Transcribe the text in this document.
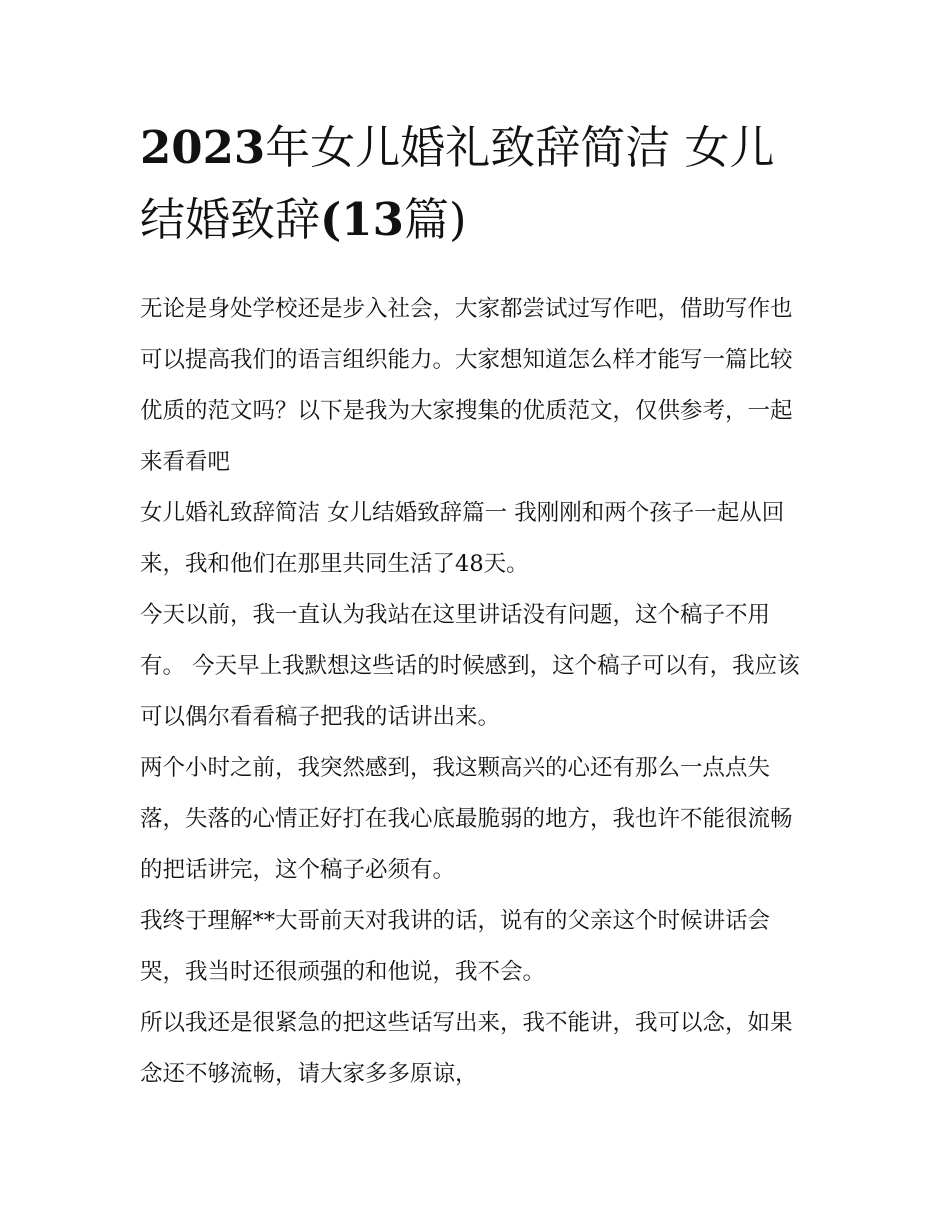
2023年女儿婚礼致辞简洁 女儿结婚致辞(13篇)

无论是身处学校还是步入社会，大家都尝试过写作吧，借助写作也可以提高我们的语言组织能力。大家想知道怎么样才能写一篇比较优质的范文吗？以下是我为大家搜集的优质范文，仅供参考，一起来看看吧

女儿婚礼致辞简洁 女儿结婚致辞篇一 我刚刚和两个孩子一起从回来，我和他们在那里共同生活了48天。

今天以前，我一直认为我站在这里讲话没有问题，这个稿子不用有。 今天早上我默想这些话的时候感到，这个稿子可以有，我应该可以偶尔看看稿子把我的话讲出来。

两个小时之前，我突然感到，我这颗高兴的心还有那么一点点失落，失落的心情正好打在我心底最脆弱的地方，我也许不能很流畅的把话讲完，这个稿子必须有。

我终于理解**大哥前天对我讲的话，说有的父亲这个时候讲话会哭，我当时还很顽强的和他说，我不会。

所以我还是很紧急的把这些话写出来，我不能讲，我可以念，如果念还不够流畅，请大家多多原谅，
